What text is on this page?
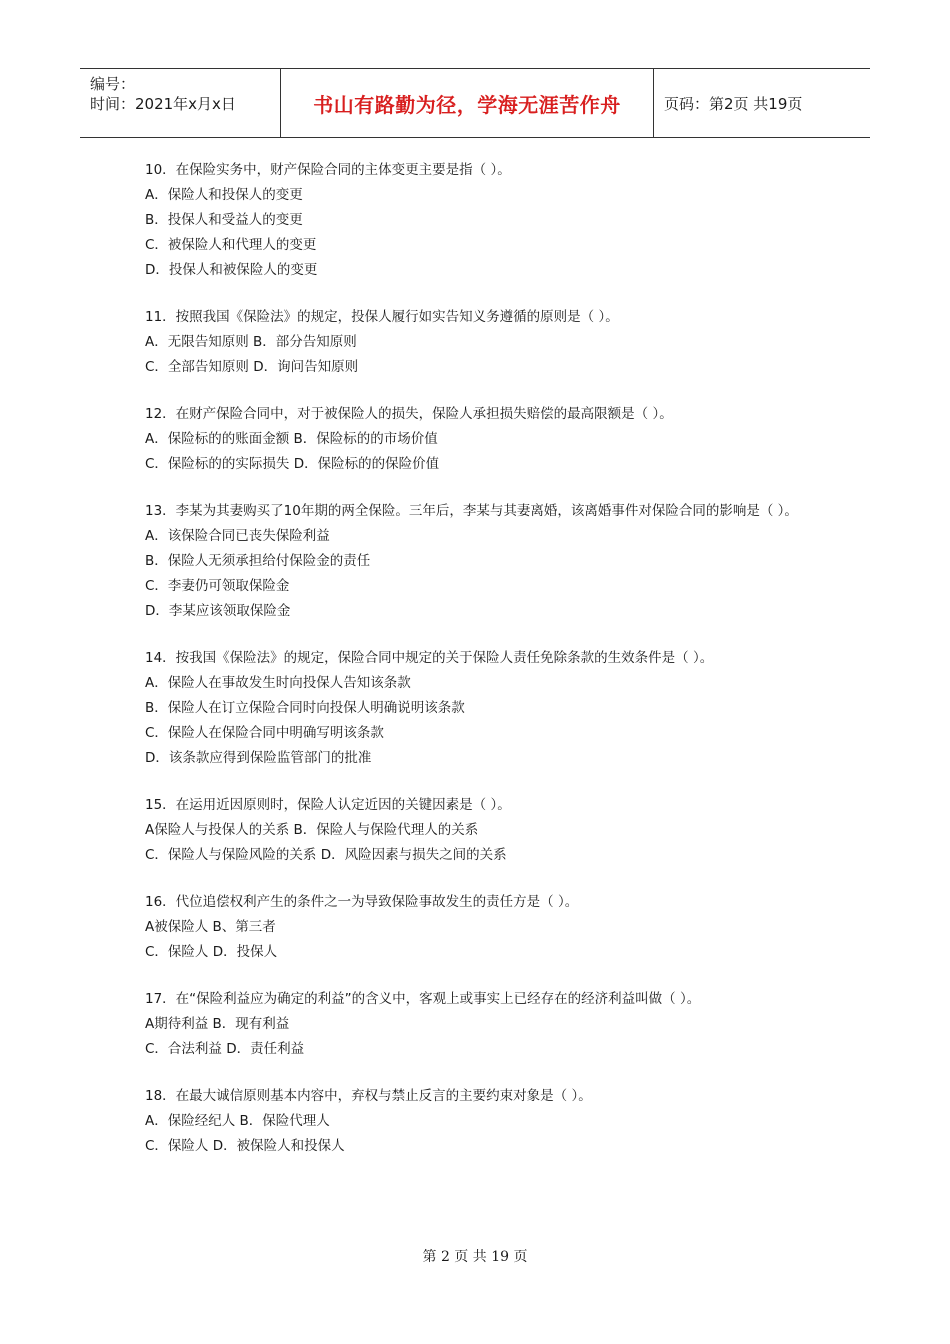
编号：
时间：2021年x月x日	书山有路勤为径，学海无涯苦作舟	页码：第2页 共19页
10．在保险实务中，财产保险合同的主体变更主要是指（ ）。
A．保险人和投保人的变更
B．投保人和受益人的变更
C．被保险人和代理人的变更
D．投保人和被保险人的变更
11．按照我国《保险法》的规定，投保人履行如实告知义务遵循的原则是（ ）。
A．无限告知原则 B．部分告知原则
C．全部告知原则 D．询问告知原则
12．在财产保险合同中，对于被保险人的损失，保险人承担损失赔偿的最高限额是（ ）。
A．保险标的的账面金额 B．保险标的的市场价值
C．保险标的的实际损失 D．保险标的的保险价值
13．李某为其妻购买了10年期的两全保险。三年后，李某与其妻离婚，该离婚事件对保险合同的影响是（ ）。
A．该保险合同已丧失保险利益
B．保险人无须承担给付保险金的责任
C．李妻仍可领取保险金
D．李某应该领取保险金
14．按我国《保险法》的规定，保险合同中规定的关于保险人责任免除条款的生效条件是（ ）。
A．保险人在事故发生时向投保人告知该条款
B．保险人在订立保险合同时向投保人明确说明该条款
C．保险人在保险合同中明确写明该条款
D．该条款应得到保险监管部门的批准
15．在运用近因原则时，保险人认定近因的关键因素是（ ）。
A保险人与投保人的关系 B．保险人与保险代理人的关系
C．保险人与保险风险的关系 D．风险因素与损失之间的关系
16．代位追偿权利产生的条件之一为导致保险事故发生的责任方是（ ）。
A被保险人 B、第三者
C．保险人 D．投保人
17．在“保险利益应为确定的利益”的含义中，客观上或事实上已经存在的经济利益叫做（ ）。
A期待利益 B．现有利益
C．合法利益 D．责任利益
18．在最大诚信原则基本内容中，弃权与禁止反言的主要约束对象是（ ）。
A．保险经纪人 B．保险代理人
C．保险人 D．被保险人和投保人
第 2 页 共 19 页
